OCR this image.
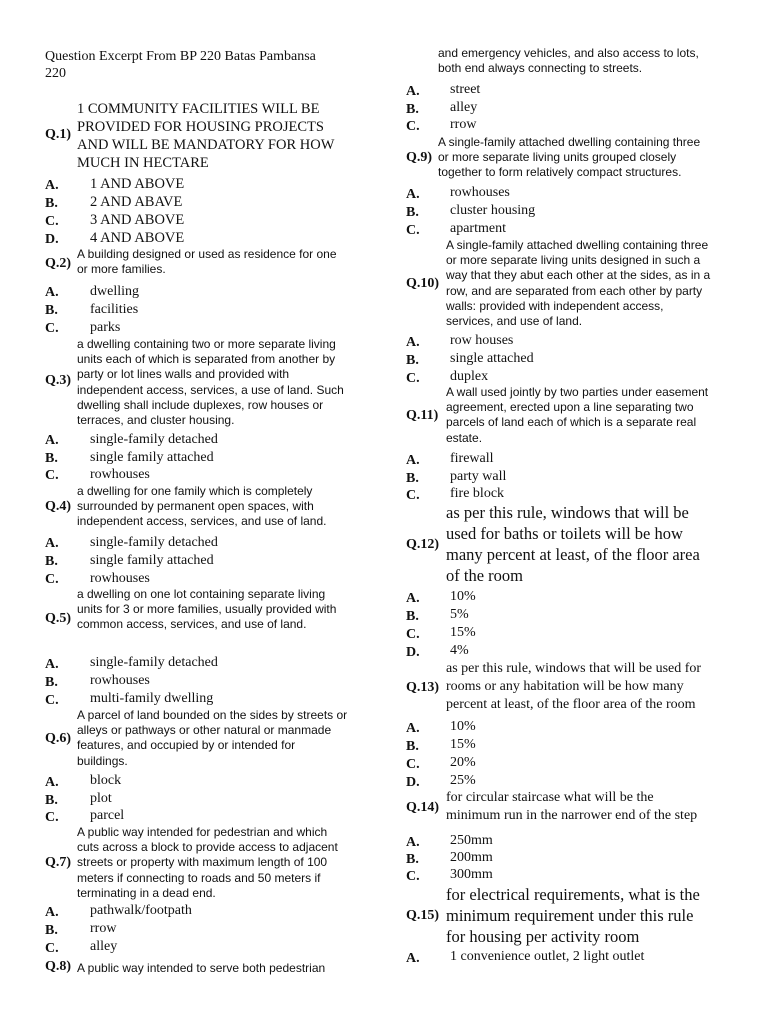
Question Excerpt From BP 220 Batas Pambansa
220
Q.1)
1 COMMUNITY FACILITIES WILL BE
PROVIDED FOR HOUSING PROJECTS
AND WILL BE MANDATORY FOR HOW
MUCH IN HECTARE
A. 1 AND ABOVE
B. 2 AND ABAVE
C. 3 AND ABOVE
D. 4 AND ABOVE
Q.2)
A building designed or used as residence for one
or more families.
A. dwelling
B. facilities
C. parks
Q.3)
a dwelling containing two or more separate living
units each of which is separated from another by
party or lot lines walls and provided with
independent access, services, a use of land. Such
dwelling shall include duplexes, row houses or
terraces, and cluster housing.
A. single-family detached
B. single family attached
C. rowhouses
Q.4)
a dwelling for one family which is completely
surrounded by permanent open spaces, with
independent access, services, and use of land.
A. single-family detached
B. single family attached
C. rowhouses
Q.5)
a dwelling on one lot containing separate living
units for 3 or more families, usually provided with
common access, services, and use of land.
A. single-family detached
B. rowhouses
C. multi-family dwelling
Q.6)
A parcel of land bounded on the sides by streets or
alleys or pathways or other natural or manmade
features, and occupied by or intended for
buildings.
A. block
B. plot
C. parcel
Q.7)
A public way intended for pedestrian and which
cuts across a block to provide access to adjacent
streets or property with maximum length of 100
meters if connecting to roads and 50 meters if
terminating in a dead end.
A. pathwalk/footpath
B. rrow
C. alley
Q.8) A public way intended to serve both pedestrian
and emergency vehicles, and also access to lots,
both end always connecting to streets.
A. street
B. alley
C. rrow
Q.9)
A single-family attached dwelling containing three
or more separate living units grouped closely
together to form relatively compact structures.
A. rowhouses
B. cluster housing
C. apartment
Q.10)
A single-family attached dwelling containing three
or more separate living units designed in such a
way that they abut each other at the sides, as in a
row, and are separated from each other by party
walls: provided with independent access,
services, and use of land.
A. row houses
B. single attached
C. duplex
Q.11)
A wall used jointly by two parties under easement
agreement, erected upon a line separating two
parcels of land each of which is a separate real
estate.
A. firewall
B. party wall
C. fire block
Q.12)
as per this rule, windows that will be
used for baths or toilets will be how
many percent at least, of the floor area
of the room
A. 10%
B. 5%
C. 15%
D. 4%
Q.13)
as per this rule, windows that will be used for
rooms or any habitation will be how many
percent at least, of the floor area of the room
A. 10%
B. 15%
C. 20%
D. 25%
Q.14)
for circular staircase what will be the
minimum run in the narrower end of the step
A. 250mm
B. 200mm
C. 300mm
Q.15)
for electrical requirements, what is the
minimum requirement under this rule
for housing per activity room
A. 1 convenience outlet, 2 light outlet
